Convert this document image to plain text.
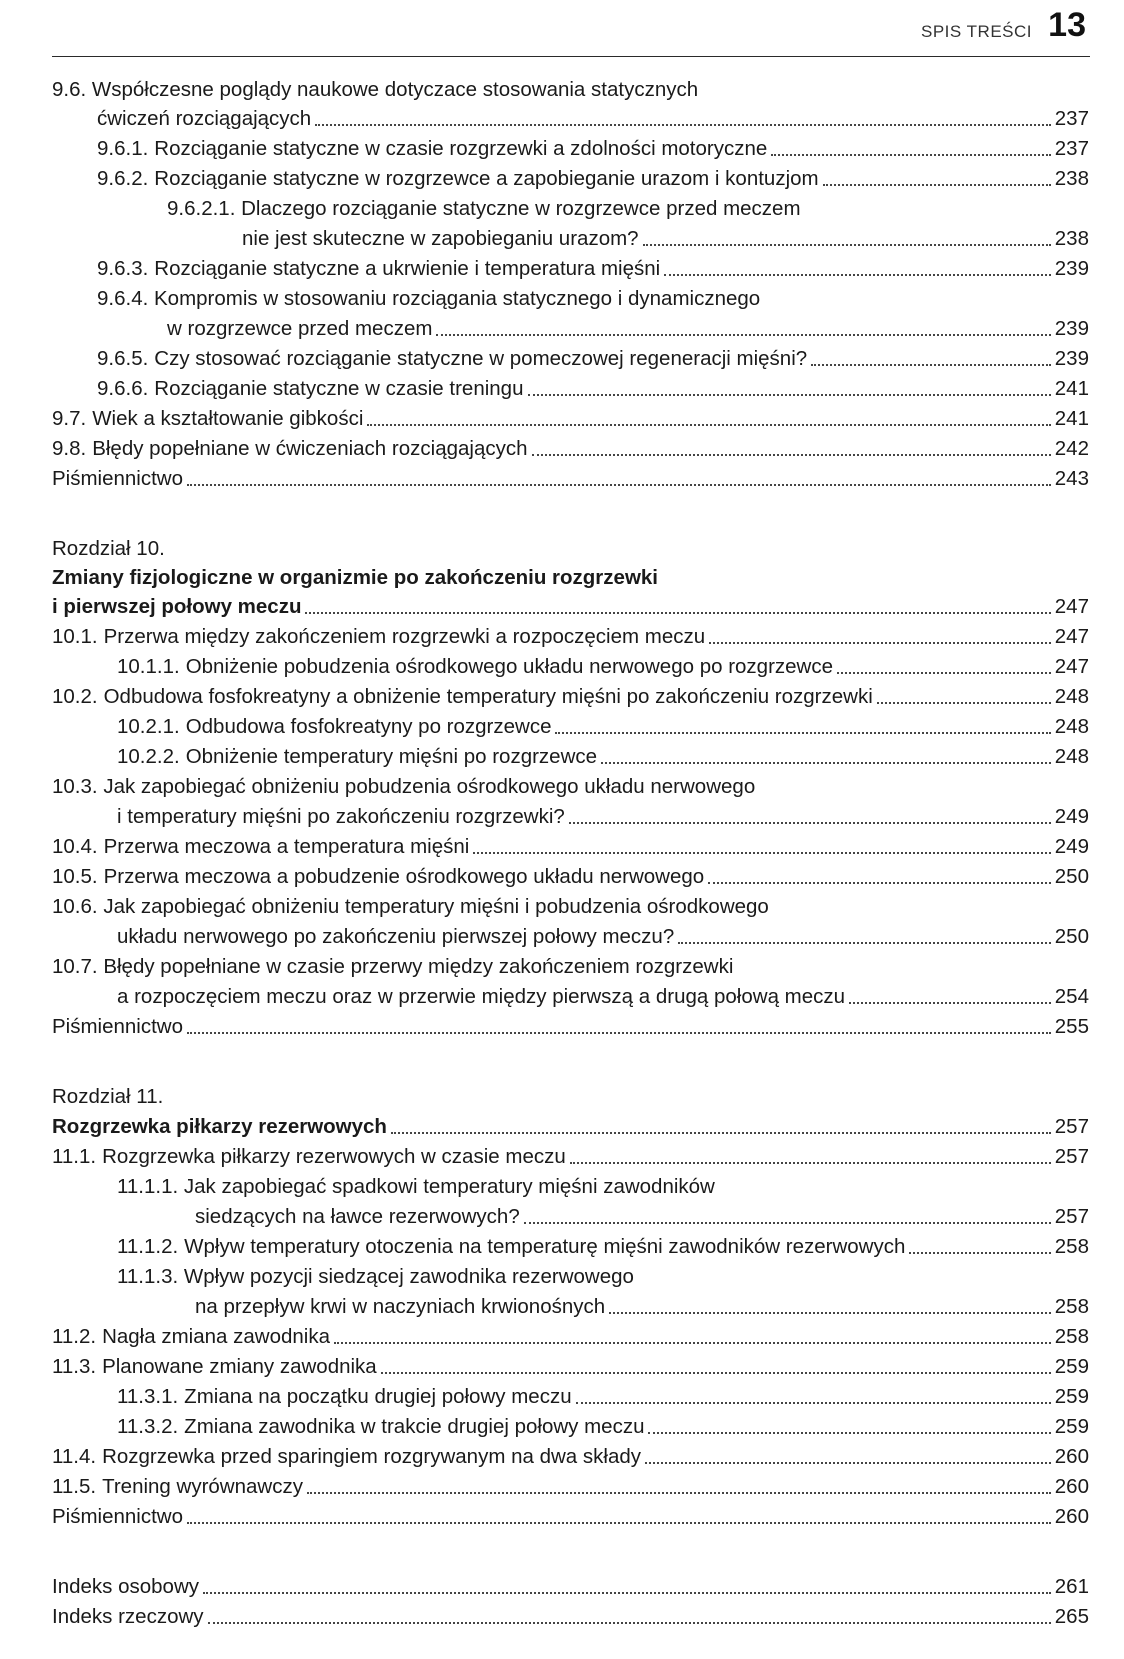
SPIS TREŚCI 13
9.6. Współczesne poglądy naukowe dotyczace stosowania statycznych
ćwiczeń rozciągających	237
9.6.1. Rozciąganie statyczne w czasie rozgrzewki a zdolności motoryczne	237
9.6.2. Rozciąganie statyczne w rozgrzewce a zapobieganie urazom i kontuzjom	238
9.6.2.1. Dlaczego rozciąganie statyczne w rozgrzewce przed meczem
nie jest skuteczne w zapobieganiu urazom?	238
9.6.3. Rozciąganie statyczne a ukrwienie i temperatura mięśni	239
9.6.4. Kompromis w stosowaniu rozciągania statycznego i dynamicznego
w rozgrzewce przed meczem	239
9.6.5. Czy stosować rozciąganie statyczne w pomeczowej regeneracji mięśni?	239
9.6.6. Rozciąganie statyczne w czasie treningu	241
9.7. Wiek a kształtowanie gibkości	241
9.8. Błędy popełniane w ćwiczeniach rozciągających	242
Piśmiennictwo	243
Rozdział 10.
Zmiany fizjologiczne w organizmie po zakończeniu rozgrzewki
i pierwszej połowy meczu	247
10.1. Przerwa między zakończeniem rozgrzewki a rozpoczęciem meczu	247
10.1.1. Obniżenie pobudzenia ośrodkowego układu nerwowego po rozgrzewce	247
10.2. Odbudowa fosfokreatyny a obniżenie temperatury mięśni po zakończeniu rozgrzewki	248
10.2.1. Odbudowa fosfokreatyny po rozgrzewce	248
10.2.2. Obniżenie temperatury mięśni po rozgrzewce	248
10.3. Jak zapobiegać obniżeniu pobudzenia ośrodkowego układu nerwowego
i temperatury mięśni po zakończeniu rozgrzewki?	249
10.4. Przerwa meczowa a temperatura mięśni	249
10.5. Przerwa meczowa a pobudzenie ośrodkowego układu nerwowego	250
10.6. Jak zapobiegać obniżeniu temperatury mięśni i pobudzenia ośrodkowego
układu nerwowego po zakończeniu pierwszej połowy meczu?	250
10.7. Błędy popełniane w czasie przerwy między zakończeniem rozgrzewki
a rozpoczęciem meczu oraz w przerwie między pierwszą a drugą połową meczu	254
Piśmiennictwo	255
Rozdział 11.
Rozgrzewka piłkarzy rezerwowych	257
11.1. Rozgrzewka piłkarzy rezerwowych w czasie meczu	257
11.1.1. Jak zapobiegać spadkowi temperatury mięśni zawodników
siedzących na ławce rezerwowych?	257
11.1.2. Wpływ temperatury otoczenia na temperaturę mięśni zawodników rezerwowych	258
11.1.3. Wpływ pozycji siedzącej zawodnika rezerwowego
na przepływ krwi w naczyniach krwionośnych	258
11.2. Nagła zmiana zawodnika	258
11.3. Planowane zmiany zawodnika	259
11.3.1. Zmiana na początku drugiej połowy meczu	259
11.3.2. Zmiana zawodnika w trakcie drugiej połowy meczu	259
11.4. Rozgrzewka przed sparingiem rozgrywanym na dwa składy	260
11.5. Trening wyrównawczy	260
Piśmiennictwo	260
Indeks osobowy	261
Indeks rzeczowy	265
